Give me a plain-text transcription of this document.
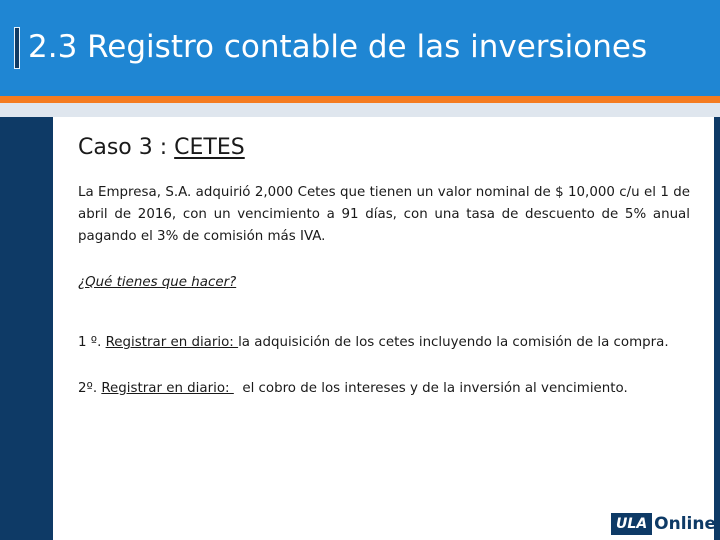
2.3 Registro contable de las inversiones
Caso 3 : CETES

La Empresa, S.A. adquirió 2,000 Cetes que tienen un valor nominal de $ 10,000 c/u el 1 de abril de 2016, con un vencimiento a 91 días, con una tasa de descuento de 5% anual pagando el 3% de comisión más IVA.

¿Qué tienes que hacer?

1 º. Registrar en diario: la adquisición de los cetes incluyendo la comisión de la compra.

2º. Registrar en diario:   el cobro de los intereses y de la inversión al vencimiento.

ULA Online
